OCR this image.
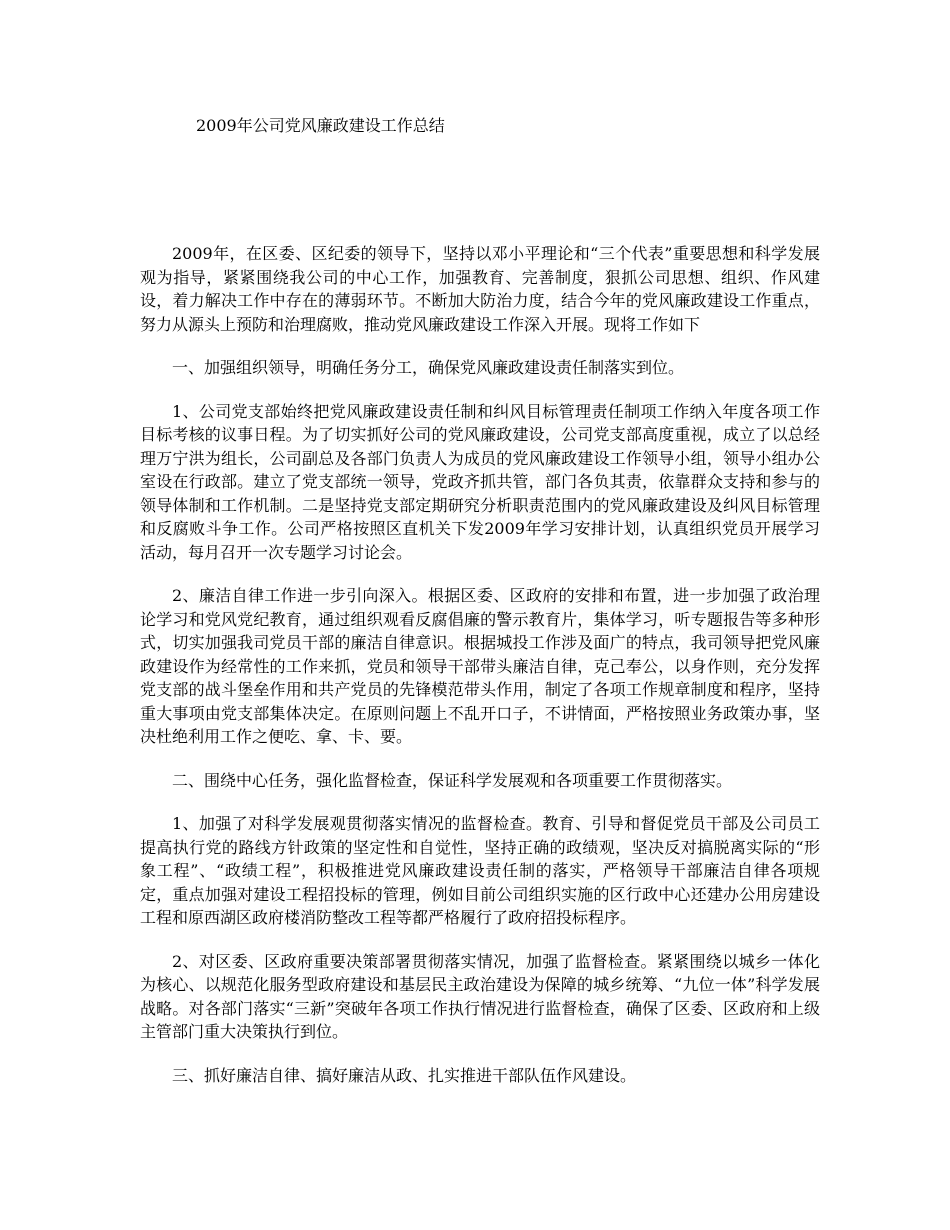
2009年公司党风廉政建设工作总结

2009年，在区委、区纪委的领导下，坚持以邓小平理论和“三个代表”重要思想和科学发展观为指导，紧紧围绕我公司的中心工作，加强教育、完善制度，狠抓公司思想、组织、作风建设，着力解决工作中存在的薄弱环节。不断加大防治力度，结合今年的党风廉政建设工作重点，努力从源头上预防和治理腐败，推动党风廉政建设工作深入开展。现将工作如下

一、加强组织领导，明确任务分工，确保党风廉政建设责任制落实到位。

1、公司党支部始终把党风廉政建设责任制和纠风目标管理责任制项工作纳入年度各项工作目标考核的议事日程。为了切实抓好公司的党风廉政建设，公司党支部高度重视，成立了以总经理万宁洪为组长，公司副总及各部门负责人为成员的党风廉政建设工作领导小组，领导小组办公室设在行政部。建立了党支部统一领导，党政齐抓共管，部门各负其责，依靠群众支持和参与的领导体制和工作机制。二是坚持党支部定期研究分析职责范围内的党风廉政建设及纠风目标管理和反腐败斗争工作。公司严格按照区直机关下发2009年学习安排计划，认真组织党员开展学习活动，每月召开一次专题学习讨论会。

2、廉洁自律工作进一步引向深入。根据区委、区政府的安排和布置，进一步加强了政治理论学习和党风党纪教育，通过组织观看反腐倡廉的警示教育片，集体学习，听专题报告等多种形式，切实加强我司党员干部的廉洁自律意识。根据城投工作涉及面广的特点，我司领导把党风廉政建设作为经常性的工作来抓，党员和领导干部带头廉洁自律，克己奉公，以身作则，充分发挥党支部的战斗堡垒作用和共产党员的先锋模范带头作用，制定了各项工作规章制度和程序，坚持重大事项由党支部集体决定。在原则问题上不乱开口子，不讲情面，严格按照业务政策办事，坚决杜绝利用工作之便吃、拿、卡、要。

二、围绕中心任务，强化监督检查，保证科学发展观和各项重要工作贯彻落实。

1、加强了对科学发展观贯彻落实情况的监督检查。教育、引导和督促党员干部及公司员工提高执行党的路线方针政策的坚定性和自觉性，坚持正确的政绩观，坚决反对搞脱离实际的“形象工程”、“政绩工程”，积极推进党风廉政建设责任制的落实，严格领导干部廉洁自律各项规定，重点加强对建设工程招投标的管理，例如目前公司组织实施的区行政中心还建办公用房建设工程和原西湖区政府楼消防整改工程等都严格履行了政府招投标程序。

2、对区委、区政府重要决策部署贯彻落实情况，加强了监督检查。紧紧围绕以城乡一体化为核心、以规范化服务型政府建设和基层民主政治建设为保障的城乡统筹、“九位一体”科学发展战略。对各部门落实“三新”突破年各项工作执行情况进行监督检查，确保了区委、区政府和上级主管部门重大决策执行到位。

三、抓好廉洁自律、搞好廉洁从政、扎实推进干部队伍作风建设。
